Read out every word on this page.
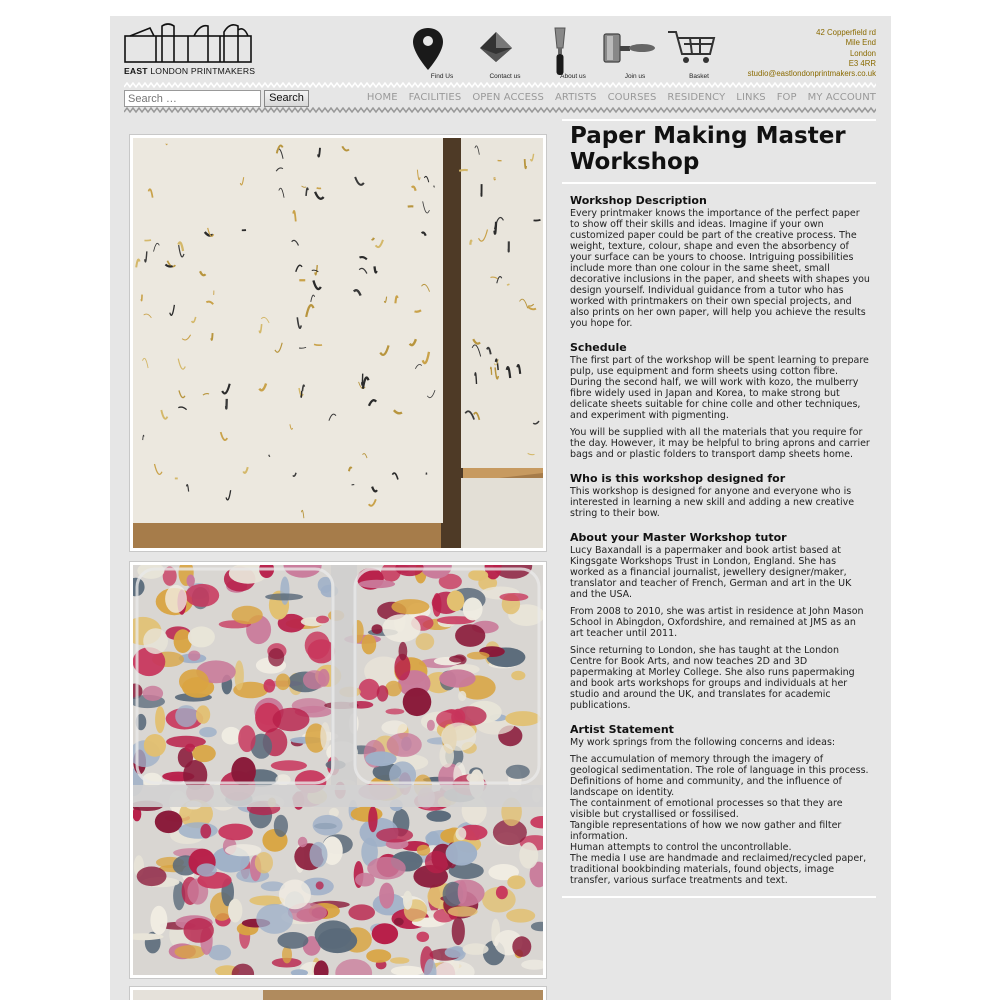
EAST LONDON PRINTMAKERS
Find Us	Contact us	About us	Join us	Basket
42 Copperfield rd
Mile End
London
E3 4RR
studio@eastlondonprintmakers.co.uk
Search …
Search	HOME FACILITIES OPEN ACCESS ARTISTS COURSES RESIDENCY LINKS FOP MY ACCOUNT
Paper Making Master Workshop
Workshop Description

Every printmaker knows the importance of the perfect paper to show off their skills and ideas. Imagine if your own customized paper could be part of the creative process. The weight, texture, colour, shape and even the absorbency of your surface can be yours to choose. Intriguing possibilities include more than one colour in the same sheet, small decorative inclusions in the paper, and sheets with shapes you design yourself. Individual guidance from a tutor who has worked with printmakers on their own special projects, and also prints on her own paper, will help you achieve the results you hope for.

Schedule

The first part of the workshop will be spent learning to prepare pulp, use equipment and form sheets using cotton fibre. During the second half, we will work with kozo, the mulberry fibre widely used in Japan and Korea, to make strong but delicate sheets suitable for chine colle and other techniques, and experiment with pigmenting.

You will be supplied with all the materials that you require for the day. However, it may be helpful to bring aprons and carrier bags and or plastic folders to transport damp sheets home.

Who is this workshop designed for

This workshop is designed for anyone and everyone who is interested in learning a new skill and adding a new creative string to their bow.

About your Master Workshop tutor

Lucy Baxandall is a papermaker and book artist based at Kingsgate Workshops Trust in London, England. She has worked as a financial journalist, jewellery designer/maker, translator and teacher of French, German and art in the UK and the USA.

From 2008 to 2010, she was artist in residence at John Mason School in Abingdon, Oxfordshire, and remained at JMS as an art teacher until 2011.

Since returning to London, she has taught at the London Centre for Book Arts, and now teaches 2D and 3D papermaking at Morley College. She also runs papermaking and book arts workshops for groups and individuals at her studio and around the UK, and translates for academic publications.

Artist Statement

My work springs from the following concerns and ideas:

The accumulation of memory through the imagery of geological sedimentation. The role of language in this process.

Definitions of home and community, and the influence of landscape on identity.

The containment of emotional processes so that they are visible but crystallised or fossilised.

Tangible representations of how we now gather and filter information.

Human attempts to control the uncontrollable.

The media I use are handmade and reclaimed/recycled paper, traditional bookbinding materials, found objects, image transfer, various surface treatments and text.
